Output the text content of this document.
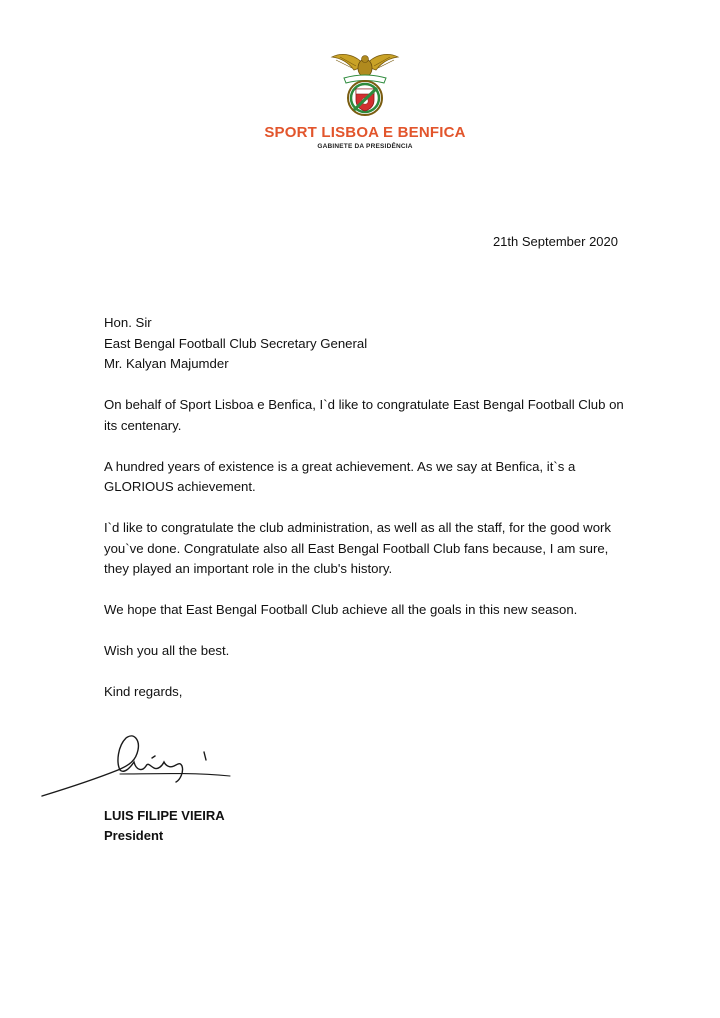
SPORT LISBOA E BENFICA
GABINETE DA PRESIDÊNCIA
21th September 2020
Hon. Sir
East Bengal Football Club Secretary General
Mr. Kalyan Majumder

On behalf of Sport Lisboa e Benfica, I`d like to congratulate East Bengal Football Club on its centenary.

A hundred years of existence is a great achievement. As we say at Benfica, it`s a GLORIOUS achievement.

I`d like to congratulate the club administration, as well as all the staff, for the good work you`ve done. Congratulate also all East Bengal Football Club fans because, I am sure, they played an important role in the club's history.

We hope that East Bengal Football Club achieve all the goals in this new season.

Wish you all the best.

Kind regards,

LUIS FILIPE VIEIRA
President
